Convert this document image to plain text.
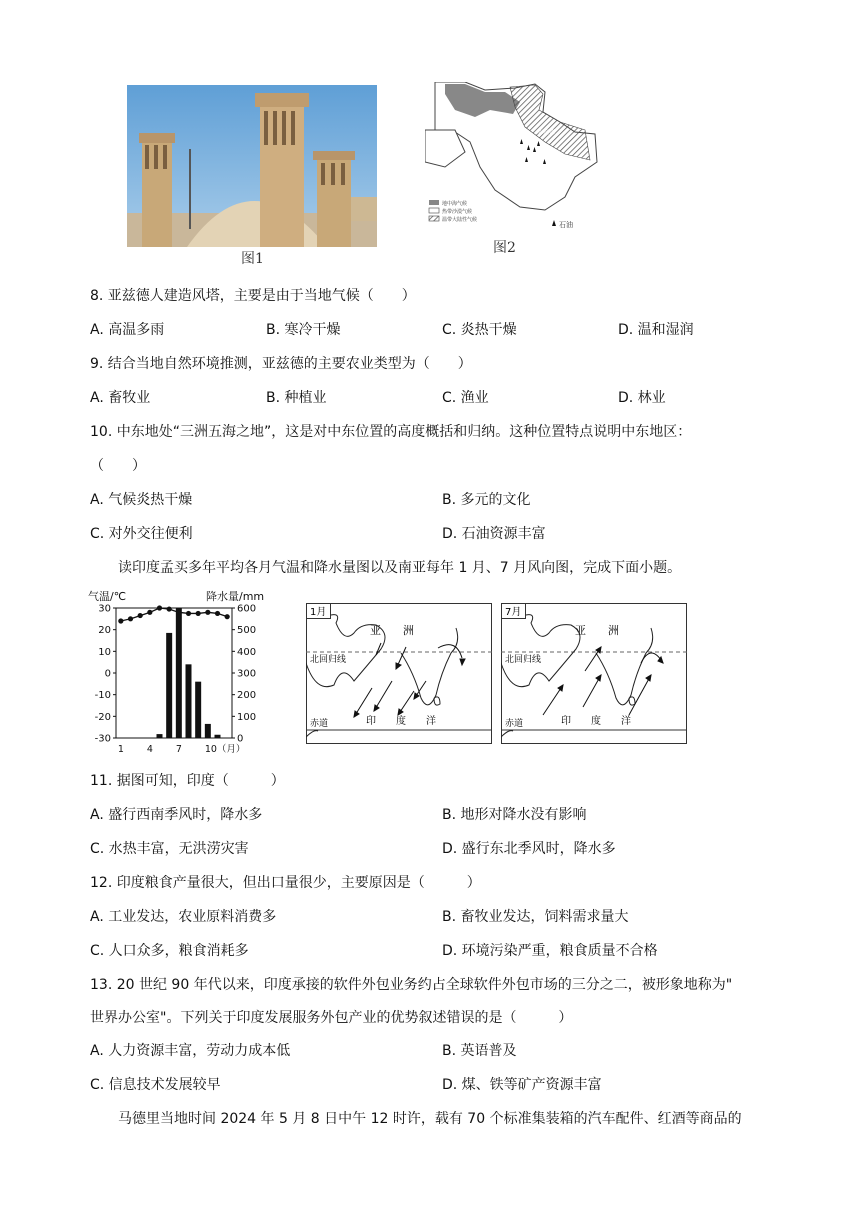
图1
地中海气候
热带沙漠气候
温带大陆性气候
亚兹德
石油
图2
8. 亚兹德人建造风塔，主要是由于当地气候（　　）
A. 高温多雨	B. 寒冷干燥	C. 炎热干燥	D. 温和湿润
9. 结合当地自然环境推测，亚兹德的主要农业类型为（　　）
A. 畜牧业	B. 种植业	C. 渔业	D. 林业
10. 中东地处“三洲五海之地”，这是对中东位置的高度概括和归纳。这种位置特点说明中东地区：
（　　）
A. 气候炎热干燥	B. 多元的文化
C. 对外交往便利	D. 石油资源丰富
读印度孟买多年平均各月气温和降水量图以及南亚每年 1 月、7 月风向图，完成下面小题。
气温/℃	降水量/mm
30
20
10
0
-10
-20
-30
600
500
400
300
200
100
0
1 4 7 10（月）
1月
亚　　洲
北回归线
赤道	印　　度　　洋
7月
亚　　洲
北回归线
赤道	印　　度　　洋
11. 据图可知，印度（　　　）
A. 盛行西南季风时，降水多	B. 地形对降水没有影响
C. 水热丰富，无洪涝灾害	D. 盛行东北季风时，降水多
12. 印度粮食产量很大，但出口量很少，主要原因是（　　　）
A. 工业发达，农业原料消费多	B. 畜牧业发达，饲料需求量大
C. 人口众多，粮食消耗多	D. 环境污染严重，粮食质量不合格
13. 20 世纪 90 年代以来，印度承接的软件外包业务约占全球软件外包市场的三分之二，被形象地称为"
世界办公室"。下列关于印度发展服务外包产业的优势叙述错误的是（　　　）
A. 人力资源丰富，劳动力成本低	B. 英语普及
C. 信息技术发展较早	D. 煤、铁等矿产资源丰富
马德里当地时间 2024 年 5 月 8 日中午 12 时许，载有 70 个标准集装箱的汽车配件、红酒等商品的
